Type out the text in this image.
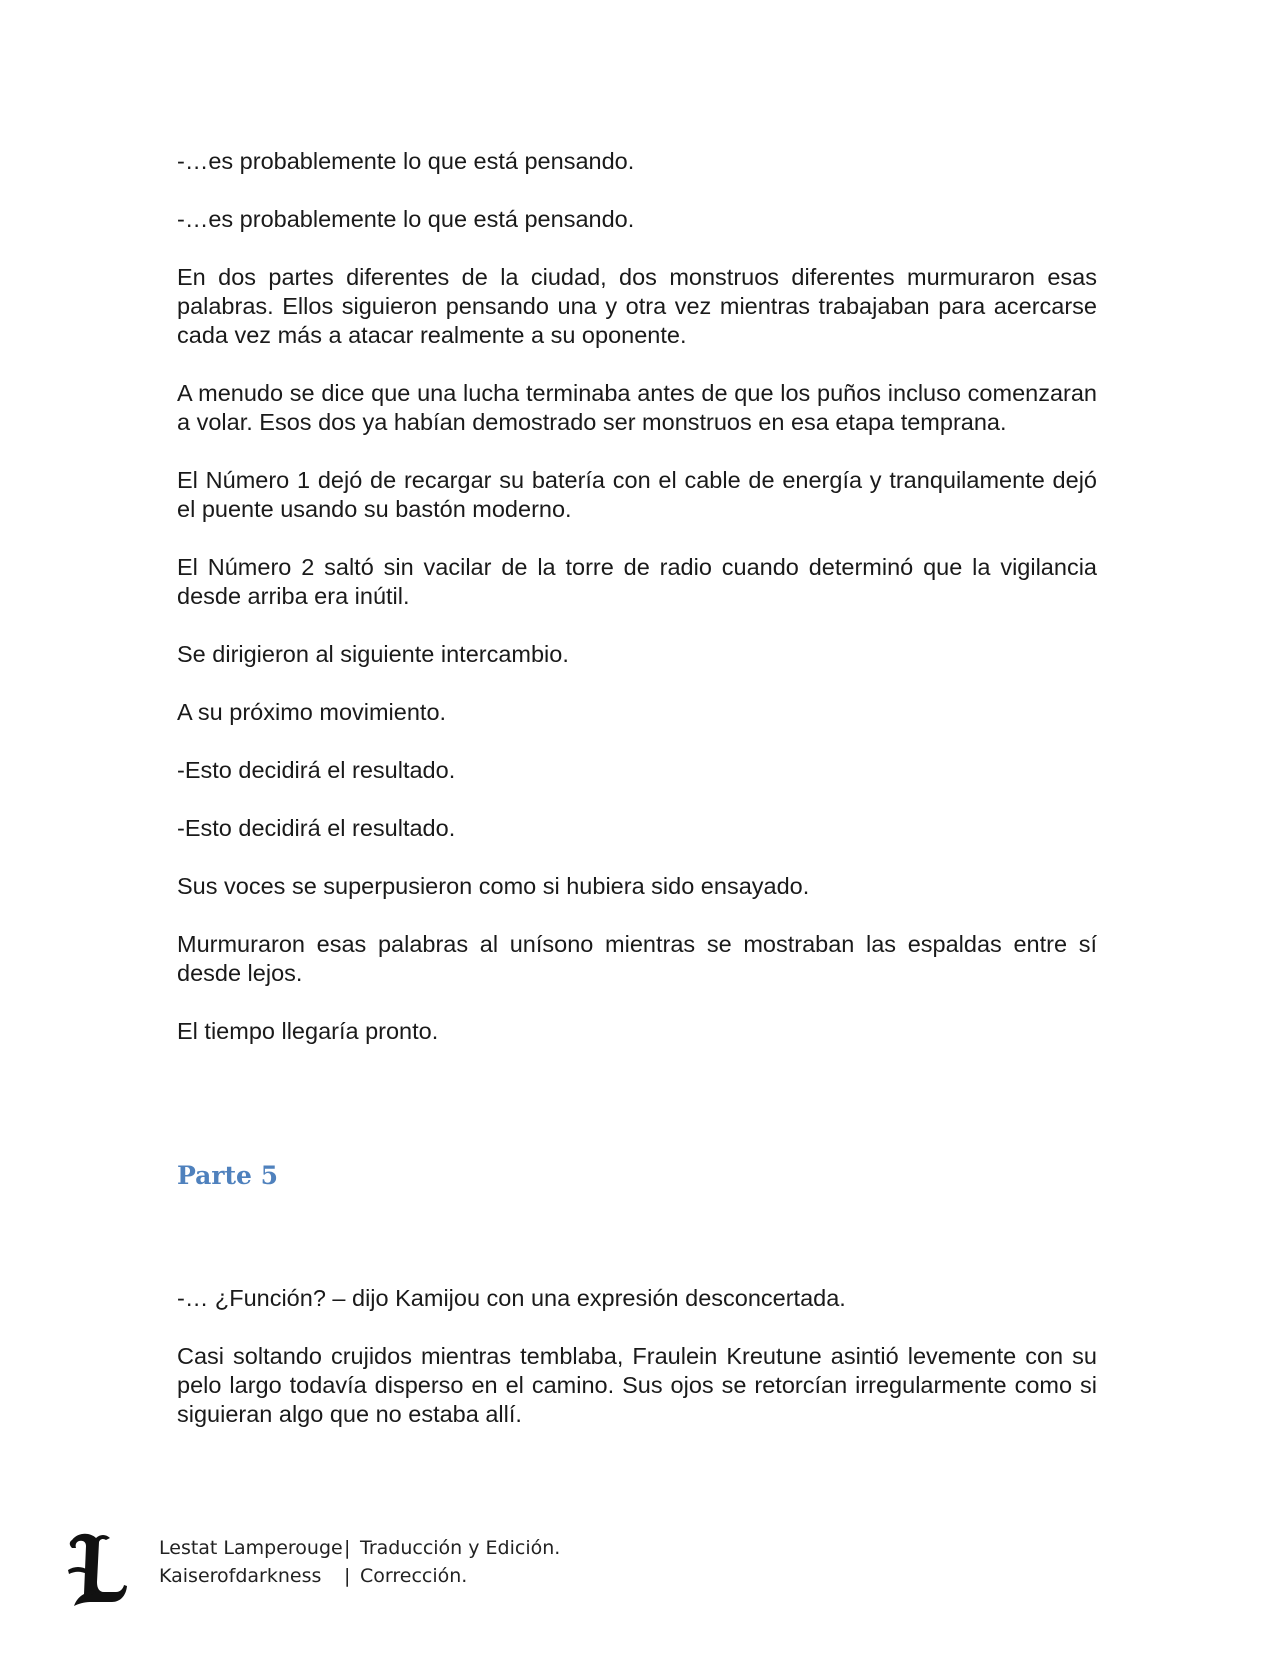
-…es probablemente lo que está pensando.

-…es probablemente lo que está pensando.

En dos partes diferentes de la ciudad, dos monstruos diferentes murmuraron esas palabras. Ellos siguieron pensando una y otra vez mientras trabajaban para acercarse cada vez más a atacar realmente a su oponente.

A menudo se dice que una lucha terminaba antes de que los puños incluso comenzaran a volar. Esos dos ya habían demostrado ser monstruos en esa etapa temprana.

El Número 1 dejó de recargar su batería con el cable de energía y tranquilamente dejó el puente usando su bastón moderno.

El Número 2 saltó sin vacilar de la torre de radio cuando determinó que la vigilancia desde arriba era inútil.

Se dirigieron al siguiente intercambio.

A su próximo movimiento.

-Esto decidirá el resultado.

-Esto decidirá el resultado.

Sus voces se superpusieron como si hubiera sido ensayado.

Murmuraron esas palabras al unísono mientras se mostraban las espaldas entre sí desde lejos.

El tiempo llegaría pronto.

Parte 5

-… ¿Función? – dijo Kamijou con una expresión desconcertada.

Casi soltando crujidos mientras temblaba, Fraulein Kreutune asintió levemente con su pelo largo todavía disperso en el camino. Sus ojos se retorcían irregularmente como si siguieran algo que no estaba allí.

Lestat Lamperouge | Traducción y Edición.
Kaiserofdarkness	| Corrección.
